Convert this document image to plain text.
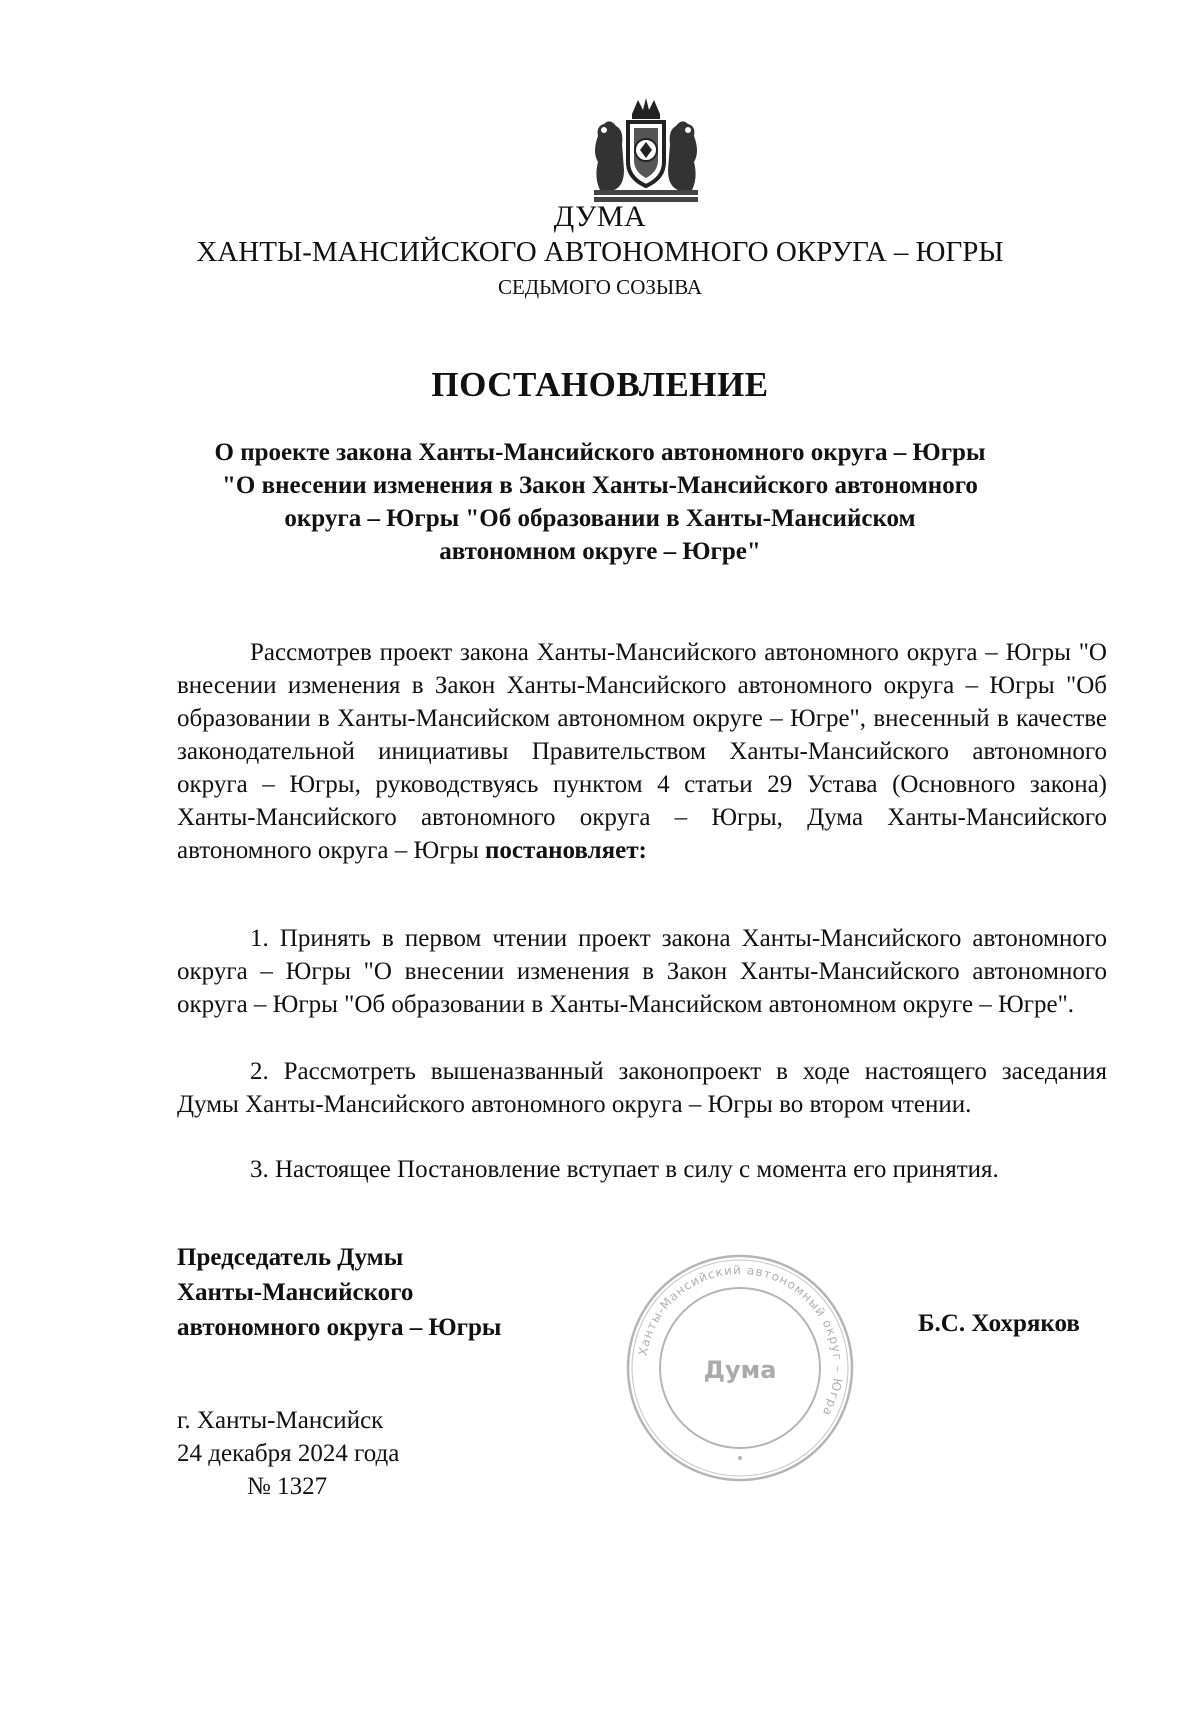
ДУМА
ХАНТЫ-МАНСИЙСКОГО АВТОНОМНОГО ОКРУГА – ЮГРЫ
СЕДЬМОГО СОЗЫВА
ПОСТАНОВЛЕНИЕ
О проекте закона Ханты-Мансийского автономного округа – Югры
"О внесении изменения в Закон Ханты-Мансийского автономного
округа – Югры "Об образовании в Ханты-Мансийском
автономном округе – Югре"
Рассмотрев проект закона Ханты-Мансийского автономного округа – Югры "О внесении изменения в Закон Ханты-Мансийского автономного округа – Югры "Об образовании в Ханты-Мансийском автономном округе – Югре", внесенный в качестве законодательной инициативы Правительством Ханты-Мансийского автономного округа – Югры, руководствуясь пунктом 4 статьи 29 Устава (Основного закона) Ханты-Мансийского автономного округа – Югры, Дума Ханты-Мансийского автономного округа – Югры постановляет:
1. Принять в первом чтении проект закона Ханты-Мансийского автономного округа – Югры "О внесении изменения в Закон Ханты-Мансийского автономного округа – Югры "Об образовании в Ханты-Мансийском автономном округе – Югре".
2. Рассмотреть вышеназванный законопроект в ходе настоящего заседания Думы Ханты-Мансийского автономного округа – Югры во втором чтении.
3. Настоящее Постановление вступает в силу с момента его принятия.
Председатель Думы
Ханты-Мансийского
автономного округа – Югры
Ханты-Мансийский автономный округ – Югра
Дума
Б.С. Хохряков
г. Ханты-Мансийск
24 декабря 2024 года
№ 1327
